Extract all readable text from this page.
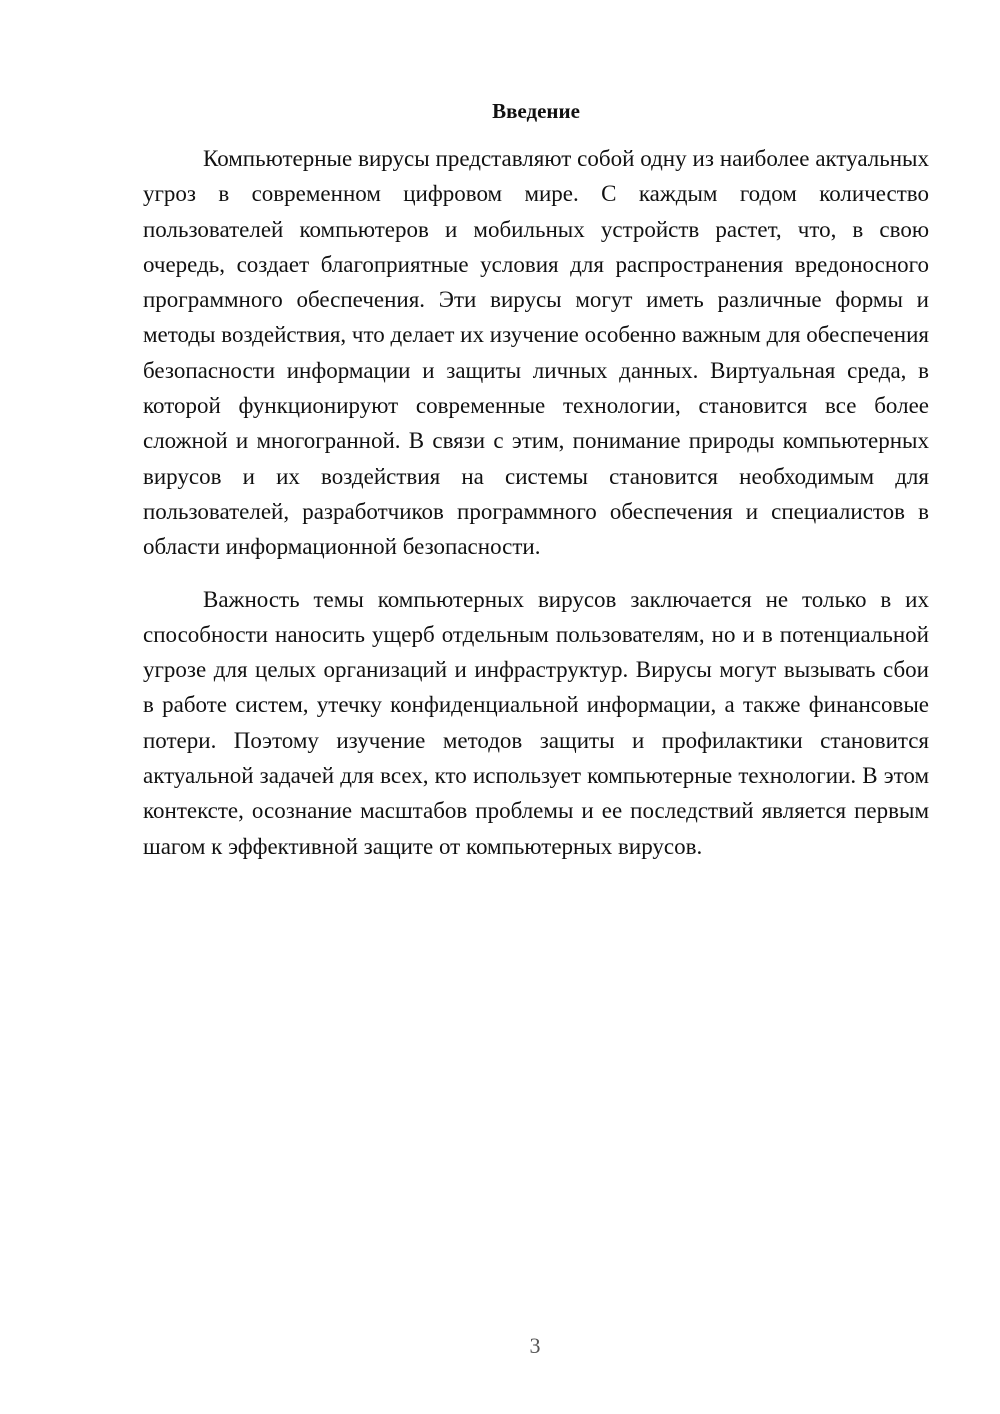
Введение

Компьютерные вирусы представляют собой одну из наиболее актуальных угроз в современном цифровом мире. С каждым годом количество пользователей компьютеров и мобильных устройств растет, что, в свою очередь, создает благоприятные условия для распространения вредоносного программного обеспечения. Эти вирусы могут иметь различные формы и методы воздействия, что делает их изучение особенно важным для обеспечения безопасности информации и защиты личных данных. Виртуальная среда, в которой функционируют современные технологии, становится все более сложной и многогранной. В связи с этим, понимание природы компьютерных вирусов и их воздействия на системы становится необходимым для пользователей, разработчиков программного обеспечения и специалистов в области информационной безопасности.

Важность темы компьютерных вирусов заключается не только в их способности наносить ущерб отдельным пользователям, но и в потенциальной угрозе для целых организаций и инфраструктур. Вирусы могут вызывать сбои в работе систем, утечку конфиденциальной информации, а также финансовые потери. Поэтому изучение методов защиты и профилактики становится актуальной задачей для всех, кто использует компьютерные технологии. В этом контексте, осознание масштабов проблемы и ее последствий является первым шагом к эффективной защите от компьютерных вирусов.

3
